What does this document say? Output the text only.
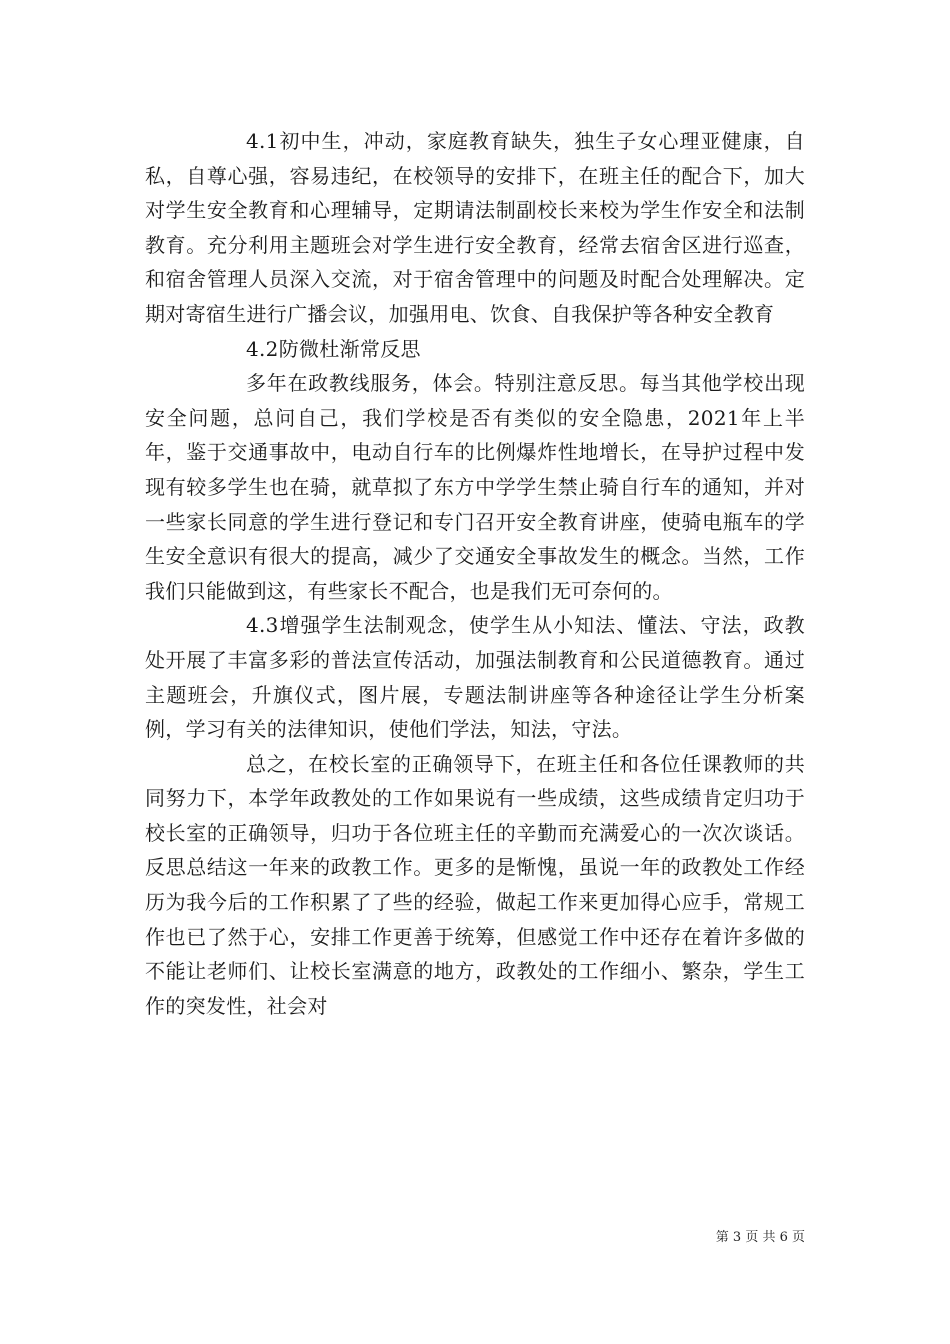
4.1初中生，冲动，家庭教育缺失，独生子女心理亚健康，自私，自尊心强，容易违纪，在校领导的安排下，在班主任的配合下，加大对学生安全教育和心理辅导，定期请法制副校长来校为学生作安全和法制教育。充分利用主题班会对学生进行安全教育，经常去宿舍区进行巡查，和宿舍管理人员深入交流，对于宿舍管理中的问题及时配合处理解决。定期对寄宿生进行广播会议，加强用电、饮食、自我保护等各种安全教育

4.2防微杜渐常反思

多年在政教线服务，体会。特别注意反思。每当其他学校出现安全问题，总问自己，我们学校是否有类似的安全隐患，2021年上半年，鉴于交通事故中，电动自行车的比例爆炸性地增长，在导护过程中发现有较多学生也在骑，就草拟了东方中学学生禁止骑自行车的通知，并对一些家长同意的学生进行登记和专门召开安全教育讲座，使骑电瓶车的学生安全意识有很大的提高，减少了交通安全事故发生的概念。当然，工作我们只能做到这，有些家长不配合，也是我们无可奈何的。

4.3增强学生法制观念，使学生从小知法、懂法、守法，政教处开展了丰富多彩的普法宣传活动，加强法制教育和公民道德教育。通过主题班会，升旗仪式，图片展，专题法制讲座等各种途径让学生分析案例，学习有关的法律知识，使他们学法，知法，守法。

总之，在校长室的正确领导下，在班主任和各位任课教师的共同努力下，本学年政教处的工作如果说有一些成绩，这些成绩肯定归功于校长室的正确领导，归功于各位班主任的辛勤而充满爱心的一次次谈话。反思总结这一年来的政教工作。更多的是惭愧，虽说一年的政教处工作经历为我今后的工作积累了了些的经验，做起工作来更加得心应手，常规工作也已了然于心，安排工作更善于统筹，但感觉工作中还存在着许多做的不能让老师们、让校长室满意的地方，政教处的工作细小、繁杂，学生工作的突发性，社会对

第 3 页 共 6 页
